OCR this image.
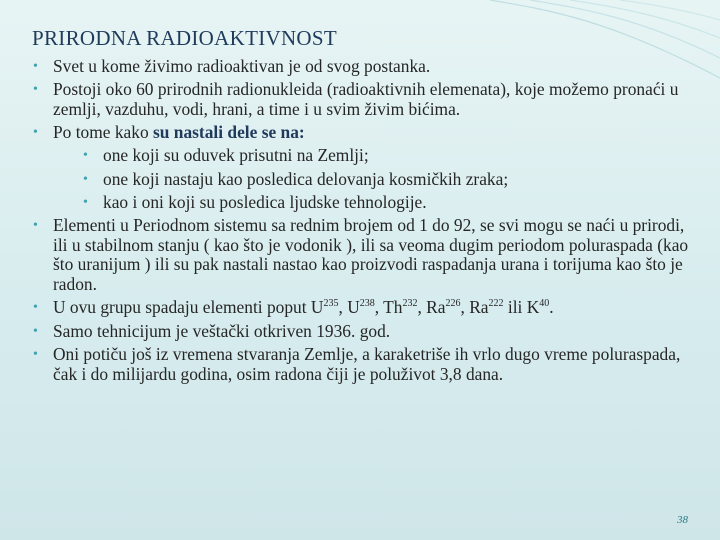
PRIRODNA RADIOAKTIVNOST
• Svet u kome živimo radioaktivan je od svog postanka.
• Postoji oko 60 prirodnih radionukleida (radioaktivnih elemenata), koje možemo pronaći u zemlji, vazduhu, vodi, hrani, a time i u svim živim bićima.
• Po tome kako su nastali dele se na:
• one koji su oduvek prisutni na Zemlji;
• one koji nastaju kao posledica delovanja kosmičkih zraka;
• kao i oni koji su posledica ljudske tehnologije.
• Elementi u Periodnom sistemu sa rednim brojem od 1 do 92, se svi mogu se naći u prirodi, ili u stabilnom stanju ( kao što je vodonik ), ili sa veoma dugim periodom poluraspada (kao što uranijum ) ili su pak nastali nastao kao proizvodi raspadanja urana i torijuma kao što je radon.
• U ovu grupu spadaju elementi poput $U^{235}$, $U^{238}$, Th$^{232}$, Ra$^{226}$, Ra$^{222}$ ili $K^{40}$.
• Samo tehnicijum je veštački otkriven 1936. god.
• Oni potiču još iz vremena stvaranja Zemlje, a karaketriše ih vrlo dugo vreme poluraspada, čak i do milijardu godina, osim radona čiji je poluživot 3,8 dana.
38
